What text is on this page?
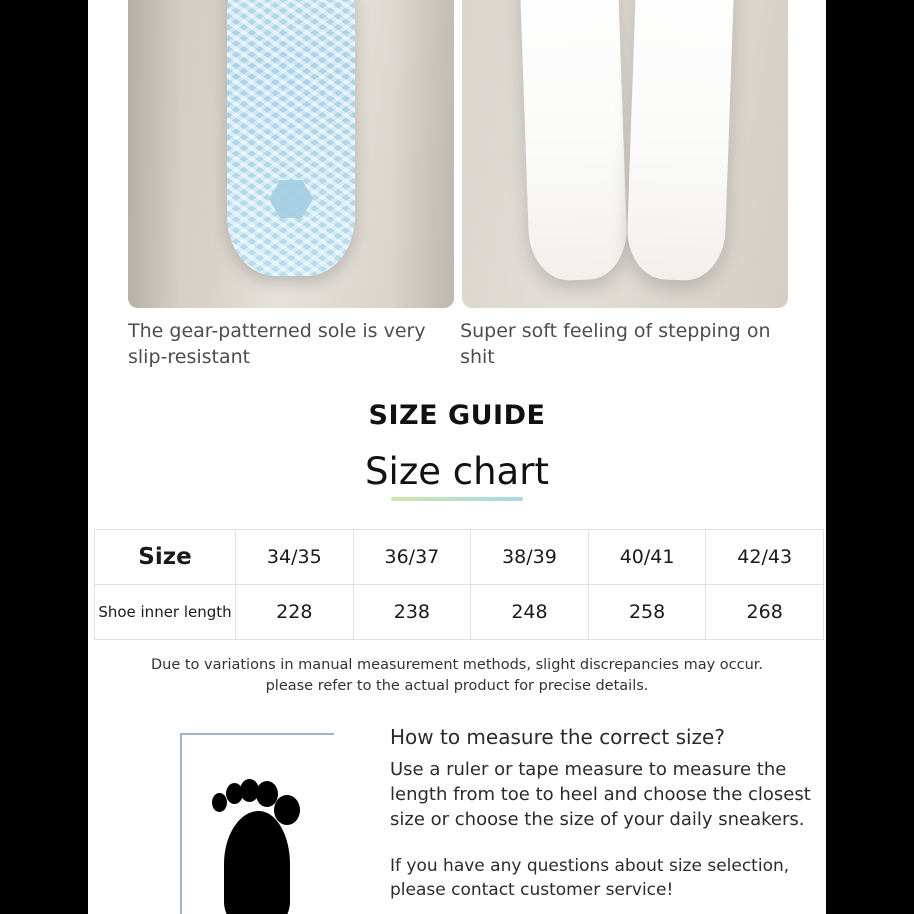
The gear-patterned sole is very slip-resistant
Super soft feeling of stepping on shit
SIZE GUIDE
Size chart
Size	34/35	36/37	38/39	40/41	42/43
Shoe inner length	228	238	248	258	268
Due to variations in manual measurement methods, slight discrepancies may occur.
please refer to the actual product for precise details.
How to measure the correct size?
Use a ruler or tape measure to measure the length from toe to heel and choose the closest size or choose the size of your daily sneakers.
If you have any questions about size selection, please contact customer service!
